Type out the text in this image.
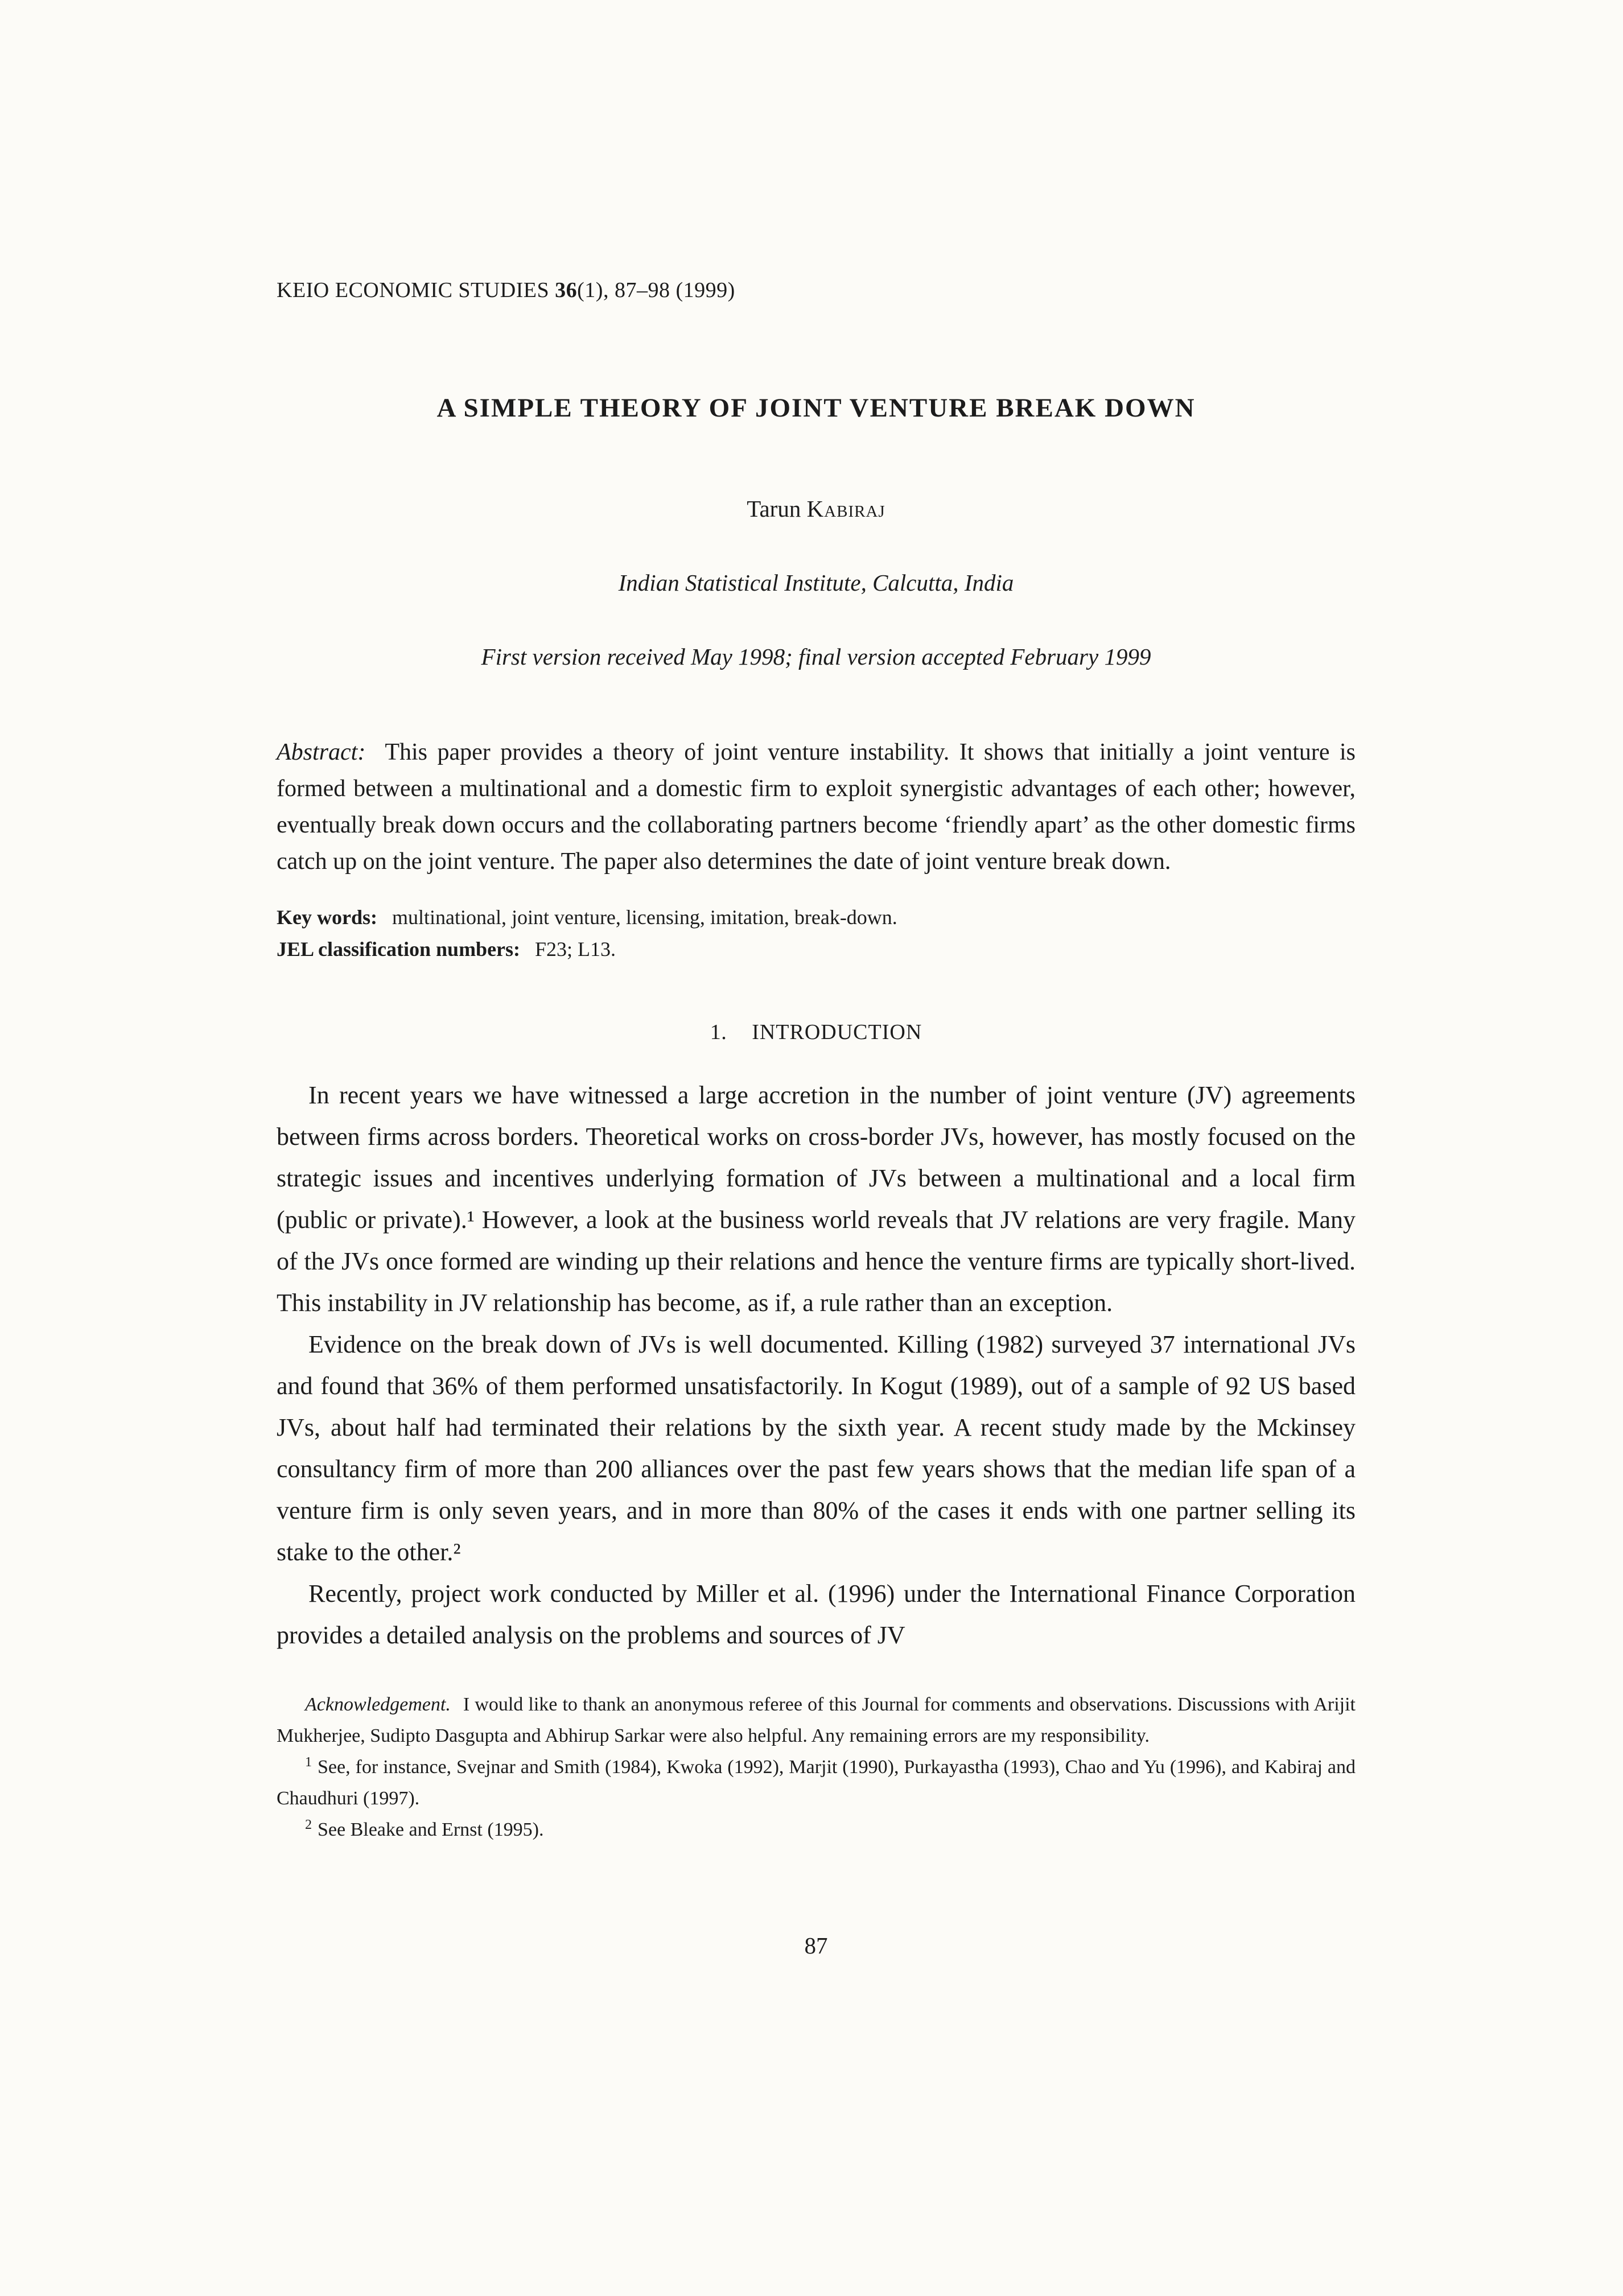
KEIO ECONOMIC STUDIES 36(1), 87–98 (1999)

A SIMPLE THEORY OF JOINT VENTURE BREAK DOWN

Tarun Kabiraj

Indian Statistical Institute, Calcutta, India

First version received May 1998; final version accepted February 1999

Abstract: This paper provides a theory of joint venture instability. It shows that initially a joint venture is formed between a multinational and a domestic firm to exploit synergistic advantages of each other; however, eventually break down occurs and the collaborating partners become ‘friendly apart’ as the other domestic firms catch up on the joint venture. The paper also determines the date of joint venture break down.

Key words: multinational, joint venture, licensing, imitation, break-down.

JEL classification numbers: F23; L13.

1. INTRODUCTION

In recent years we have witnessed a large accretion in the number of joint venture (JV) agreements between firms across borders. Theoretical works on cross-border JVs, however, has mostly focused on the strategic issues and incentives underlying formation of JVs between a multinational and a local firm (public or private).¹ However, a look at the business world reveals that JV relations are very fragile. Many of the JVs once formed are winding up their relations and hence the venture firms are typically short-lived. This instability in JV relationship has become, as if, a rule rather than an exception.

Evidence on the break down of JVs is well documented. Killing (1982) surveyed 37 international JVs and found that 36% of them performed unsatisfactorily. In Kogut (1989), out of a sample of 92 US based JVs, about half had terminated their relations by the sixth year. A recent study made by the Mckinsey consultancy firm of more than 200 alliances over the past few years shows that the median life span of a venture firm is only seven years, and in more than 80% of the cases it ends with one partner selling its stake to the other.²

Recently, project work conducted by Miller et al. (1996) under the International Finance Corporation provides a detailed analysis on the problems and sources of JV

Acknowledgement. I would like to thank an anonymous referee of this Journal for comments and observations. Discussions with Arijit Mukherjee, Sudipto Dasgupta and Abhirup Sarkar were also helpful. Any remaining errors are my responsibility.

$^1$ See, for instance, Svejnar and Smith (1984), Kwoka (1992), Marjit (1990), Purkayastha (1993), Chao and Yu (1996), and Kabiraj and Chaudhuri (1997).

$^2$ See Bleake and Ernst (1995).

87
